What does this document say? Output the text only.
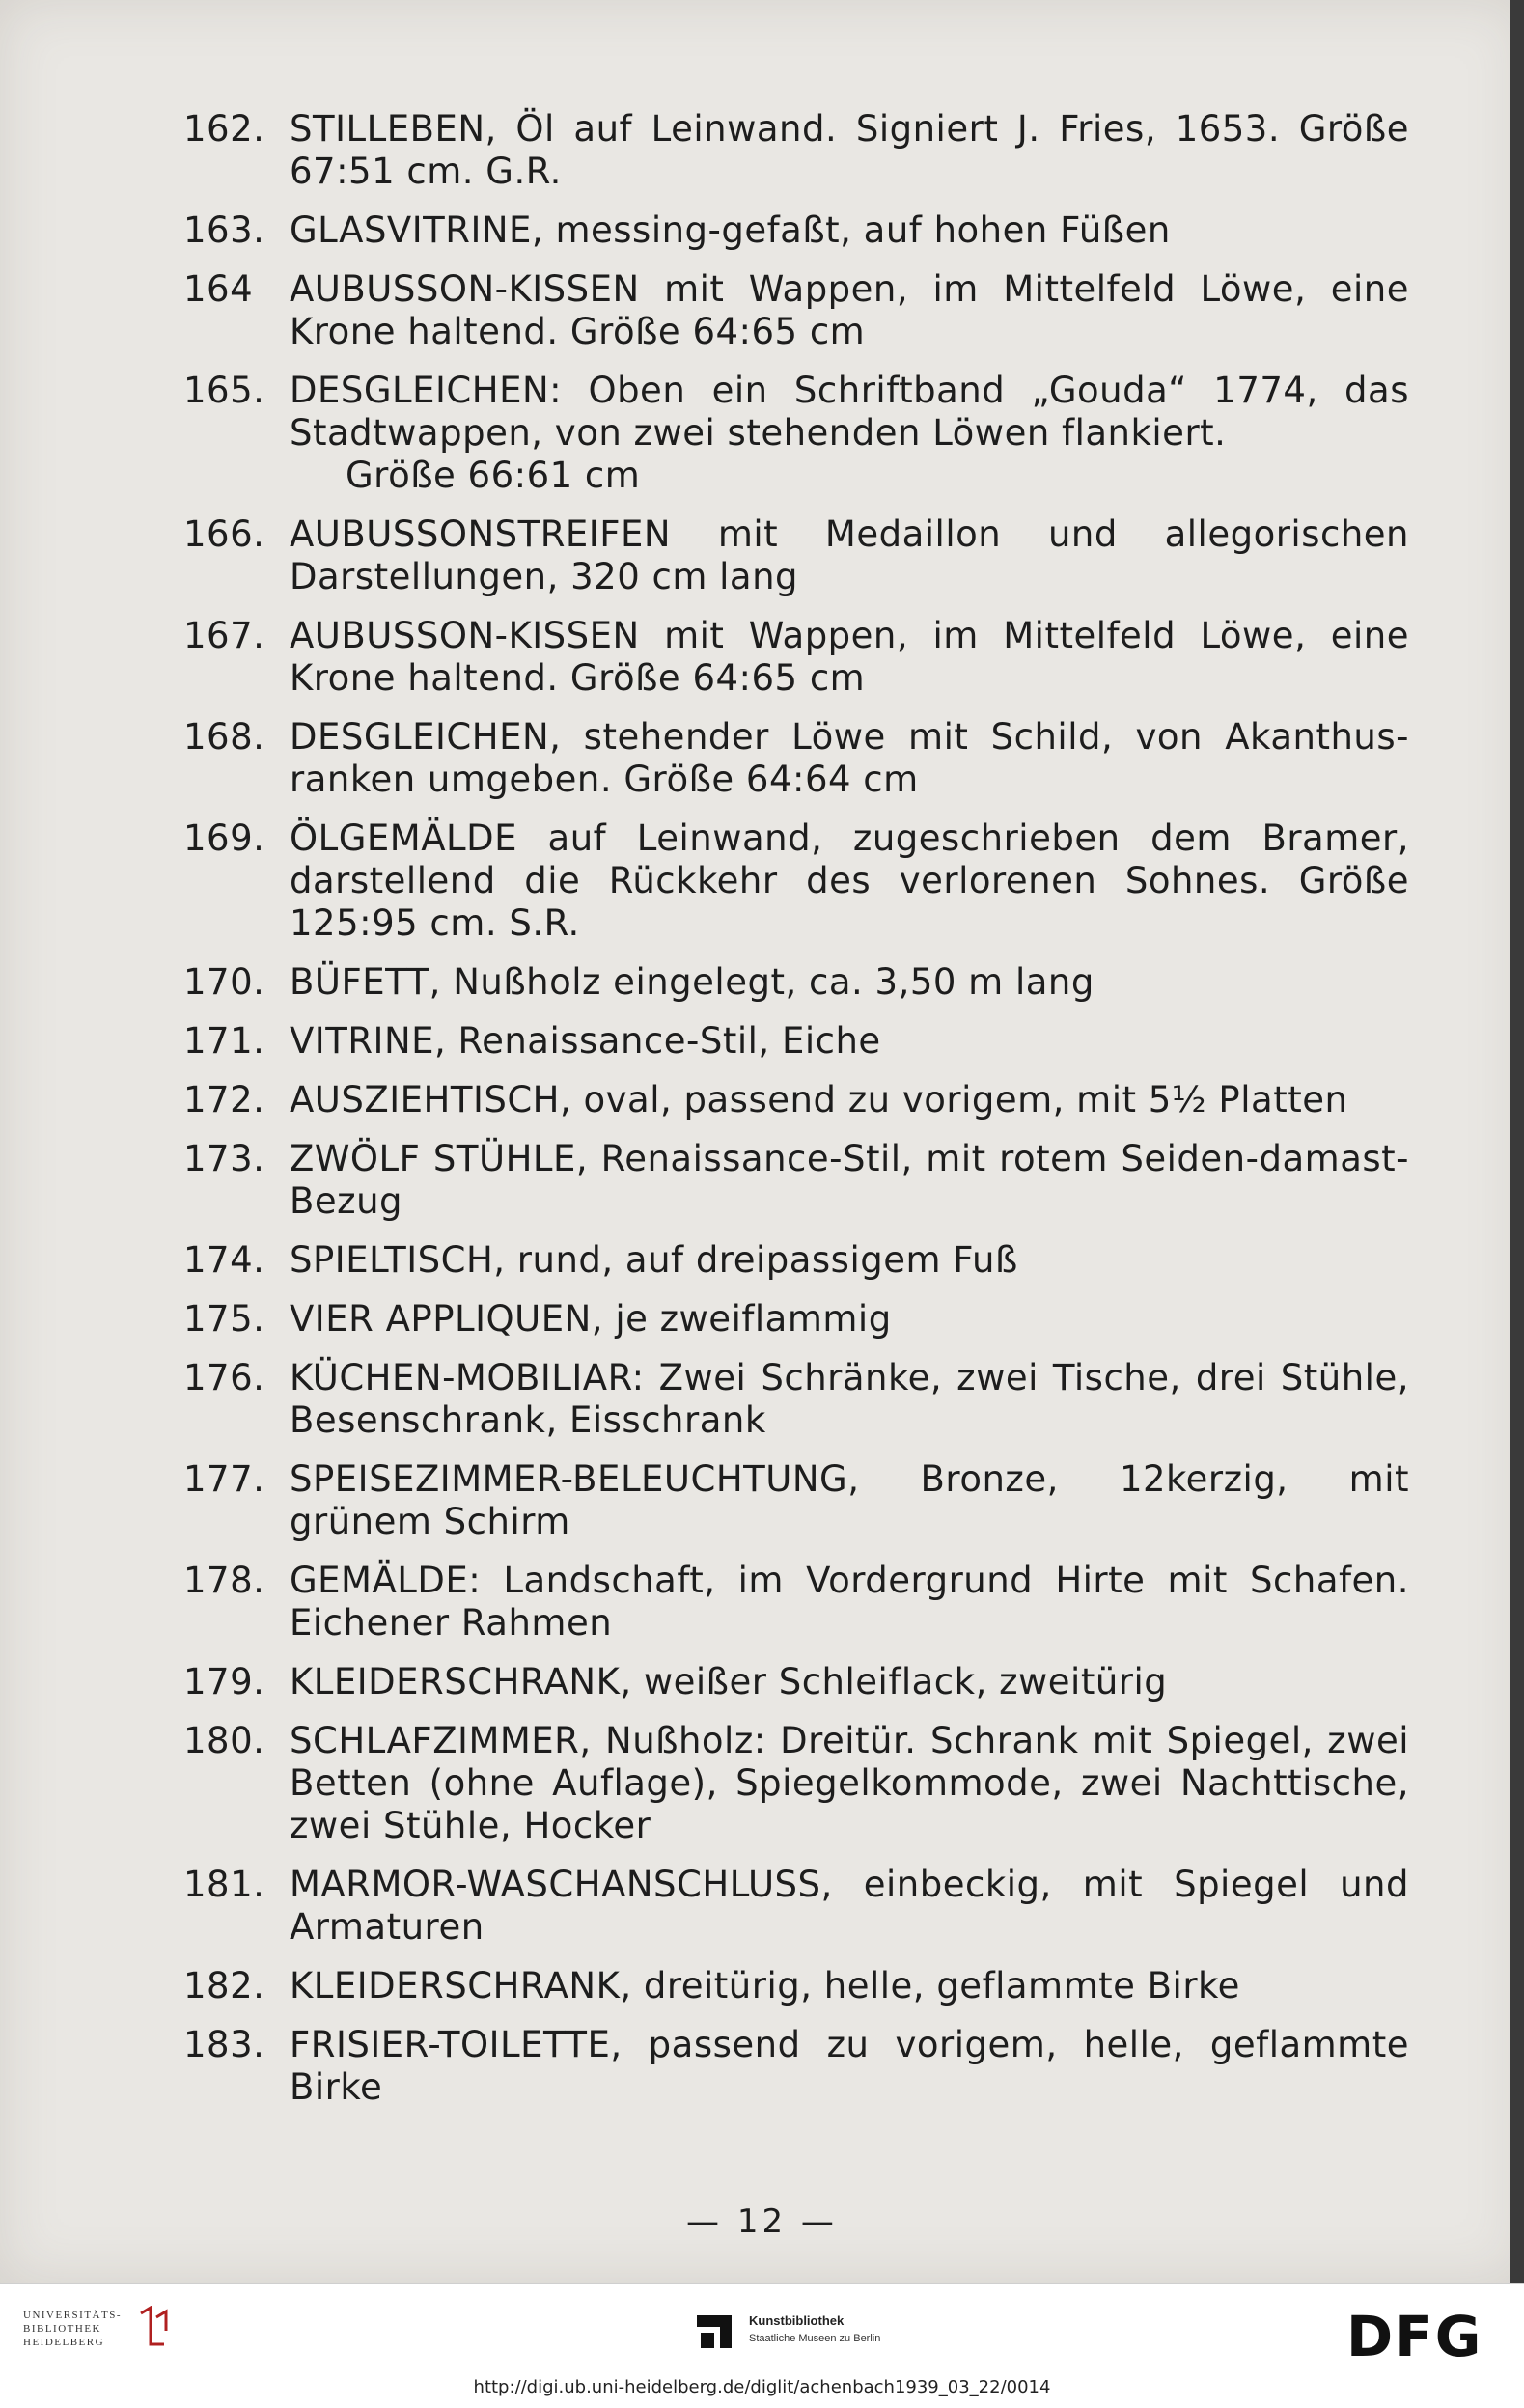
162. STILLEBEN, Öl auf Leinwand. Signiert J. Fries, 1653. Größe 67:51 cm. G.R.
163. GLASVITRINE, messing-gefaßt, auf hohen Füßen
164 AUBUSSON-KISSEN mit Wappen, im Mittelfeld Löwe, eine Krone haltend. Größe 64:65 cm
165. DESGLEICHEN: Oben ein Schriftband „Gouda“ 1774, das Stadtwappen, von zwei stehenden Löwen flankiert.
Größe 66:61 cm
166. AUBUSSONSTREIFEN mit Medaillon und allegorischen Darstellungen, 320 cm lang
167. AUBUSSON-KISSEN mit Wappen, im Mittelfeld Löwe, eine Krone haltend. Größe 64:65 cm
168. DESGLEICHEN, stehender Löwe mit Schild, von Akanthus-ranken umgeben. Größe 64:64 cm
169. ÖLGEMÄLDE auf Leinwand, zugeschrieben dem Bramer, darstellend die Rückkehr des verlorenen Sohnes. Größe 125:95 cm. S.R.
170. BÜFETT, Nußholz eingelegt, ca. 3,50 m lang
171. VITRINE, Renaissance-Stil, Eiche
172. AUSZIEHTISCH, oval, passend zu vorigem, mit 5½ Platten
173. ZWÖLF STÜHLE, Renaissance-Stil, mit rotem Seiden-damast-Bezug
174. SPIELTISCH, rund, auf dreipassigem Fuß
175. VIER APPLIQUEN, je zweiflammig
176. KÜCHEN-MOBILIAR: Zwei Schränke, zwei Tische, drei Stühle, Besenschrank, Eisschrank
177. SPEISEZIMMER-BELEUCHTUNG, Bronze, 12kerzig, mit grünem Schirm
178. GEMÄLDE: Landschaft, im Vordergrund Hirte mit Schafen. Eichener Rahmen
179. KLEIDERSCHRANK, weißer Schleiflack, zweitürig
180. SCHLAFZIMMER, Nußholz: Dreitür. Schrank mit Spiegel, zwei Betten (ohne Auflage), Spiegelkommode, zwei Nachttische, zwei Stühle, Hocker
181. MARMOR-WASCHANSCHLUSS, einbeckig, mit Spiegel und Armaturen
182. KLEIDERSCHRANK, dreitürig, helle, geflammte Birke
183. FRISIER-TOILETTE, passend zu vorigem, helle, geflammte Birke
— 12 —
UNIVERSITÄTS-
BIBLIOTHEK
HEIDELBERG
Kunstbibliothek
Staatliche Museen zu Berlin	DFG
http://digi.ub.uni-heidelberg.de/diglit/achenbach1939_03_22/0014
